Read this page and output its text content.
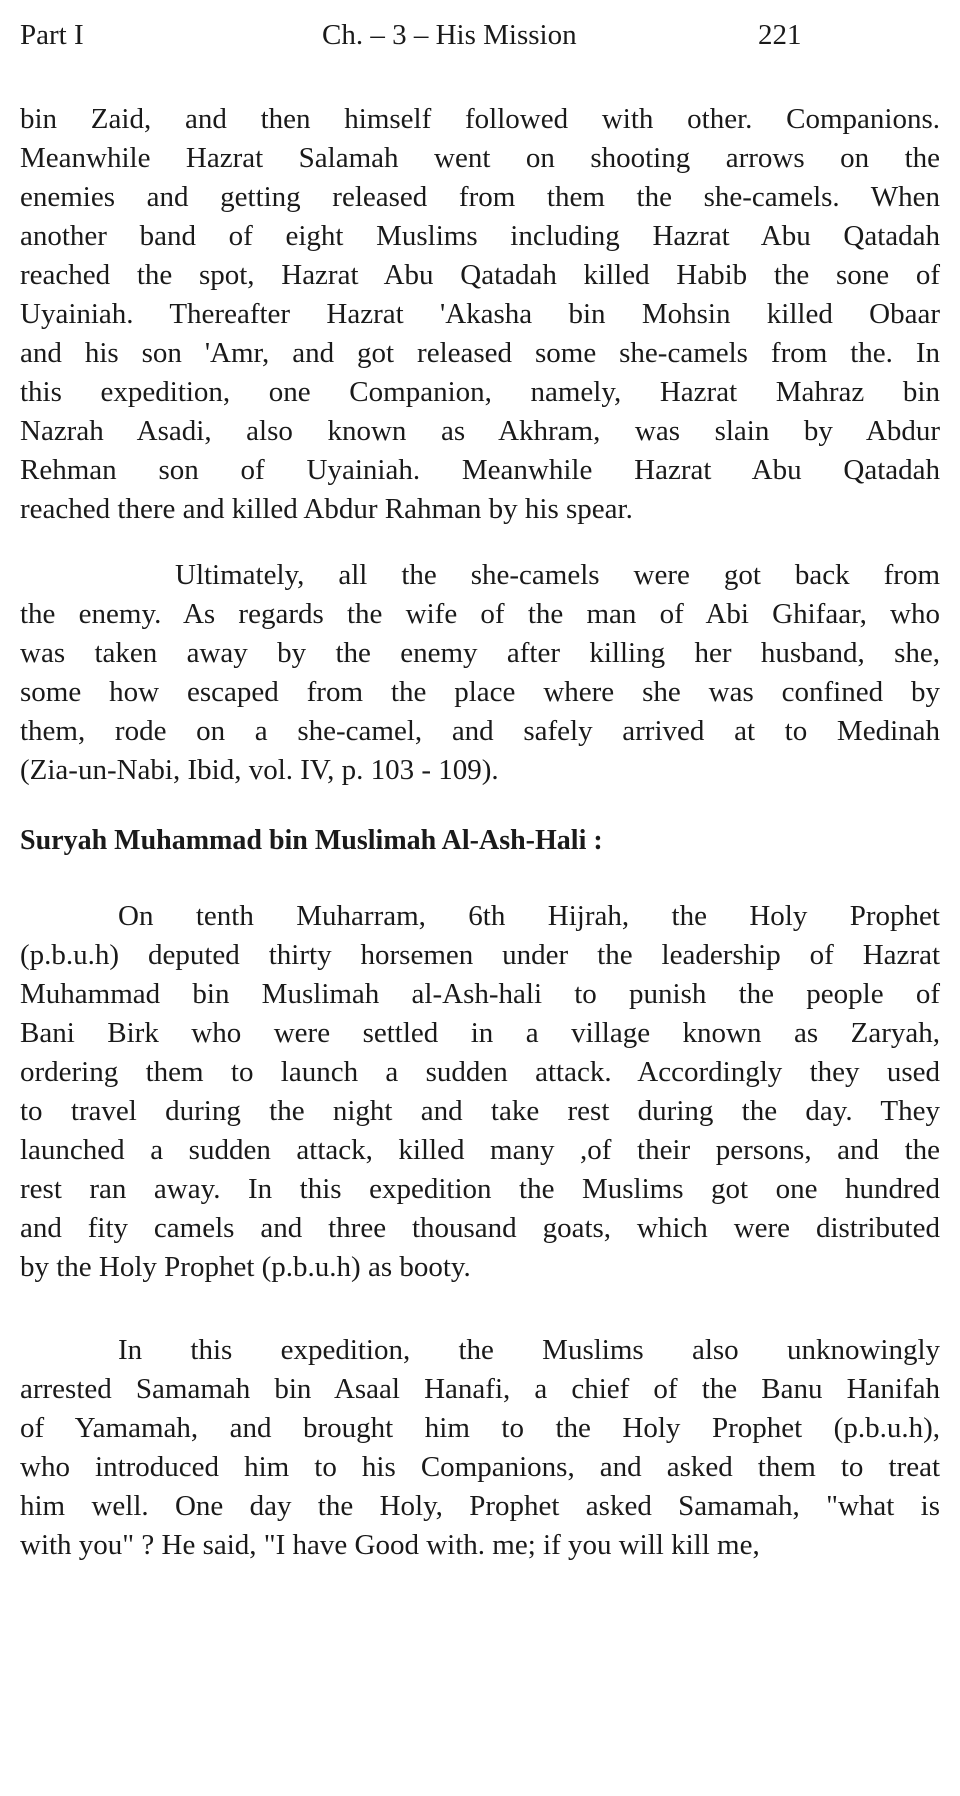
Part I	Ch. – 3 – His Mission	221
bin Zaid, and then himself followed with other. Companions.
Meanwhile Hazrat Salamah went on shooting arrows on the
enemies and getting released from them the she-camels. When
another band of eight Muslims including Hazrat Abu Qatadah
reached the spot, Hazrat Abu Qatadah killed Habib the sone of
Uyainiah. Thereafter Hazrat 'Akasha bin Mohsin killed Obaar
and his son 'Amr, and got released some she-camels from the. In
this expedition, one Companion, namely, Hazrat Mahraz bin
Nazrah Asadi, also known as Akhram, was slain by Abdur
Rehman son of Uyainiah. Meanwhile Hazrat Abu Qatadah
reached there and killed Abdur Rahman by his spear.
Ultimately, all the she-camels were got back from
the enemy. As regards the wife of the man of Abi Ghifaar, who
was taken away by the enemy after killing her husband, she,
some how escaped from the place where she was confined by
them, rode on a she-camel, and safely arrived at to Medinah
(Zia-un-Nabi, Ibid, vol. IV, p. 103 - 109).
Suryah Muhammad bin Muslimah Al-Ash-Hali :
On tenth Muharram, 6th Hijrah, the Holy Prophet
(p.b.u.h) deputed thirty horsemen under the leadership of Hazrat
Muhammad bin Muslimah al-Ash-hali to punish the people of
Bani Birk who were settled in a village known as Zaryah,
ordering them to launch a sudden attack. Accordingly they used
to travel during the night and take rest during the day. They
launched a sudden attack, killed many ,of their persons, and the
rest ran away. In this expedition the Muslims got one hundred
and fity camels and three thousand goats, which were distributed
by the Holy Prophet (p.b.u.h) as booty.
In this expedition, the Muslims also unknowingly
arrested Samamah bin Asaal Hanafi, a chief of the Banu Hanifah
of Yamamah, and brought him to the Holy Prophet (p.b.u.h),
who introduced him to his Companions, and asked them to treat
him well. One day the Holy, Prophet asked Samamah, "what is
with you" ? He said, "I have Good with. me; if you will kill me,
